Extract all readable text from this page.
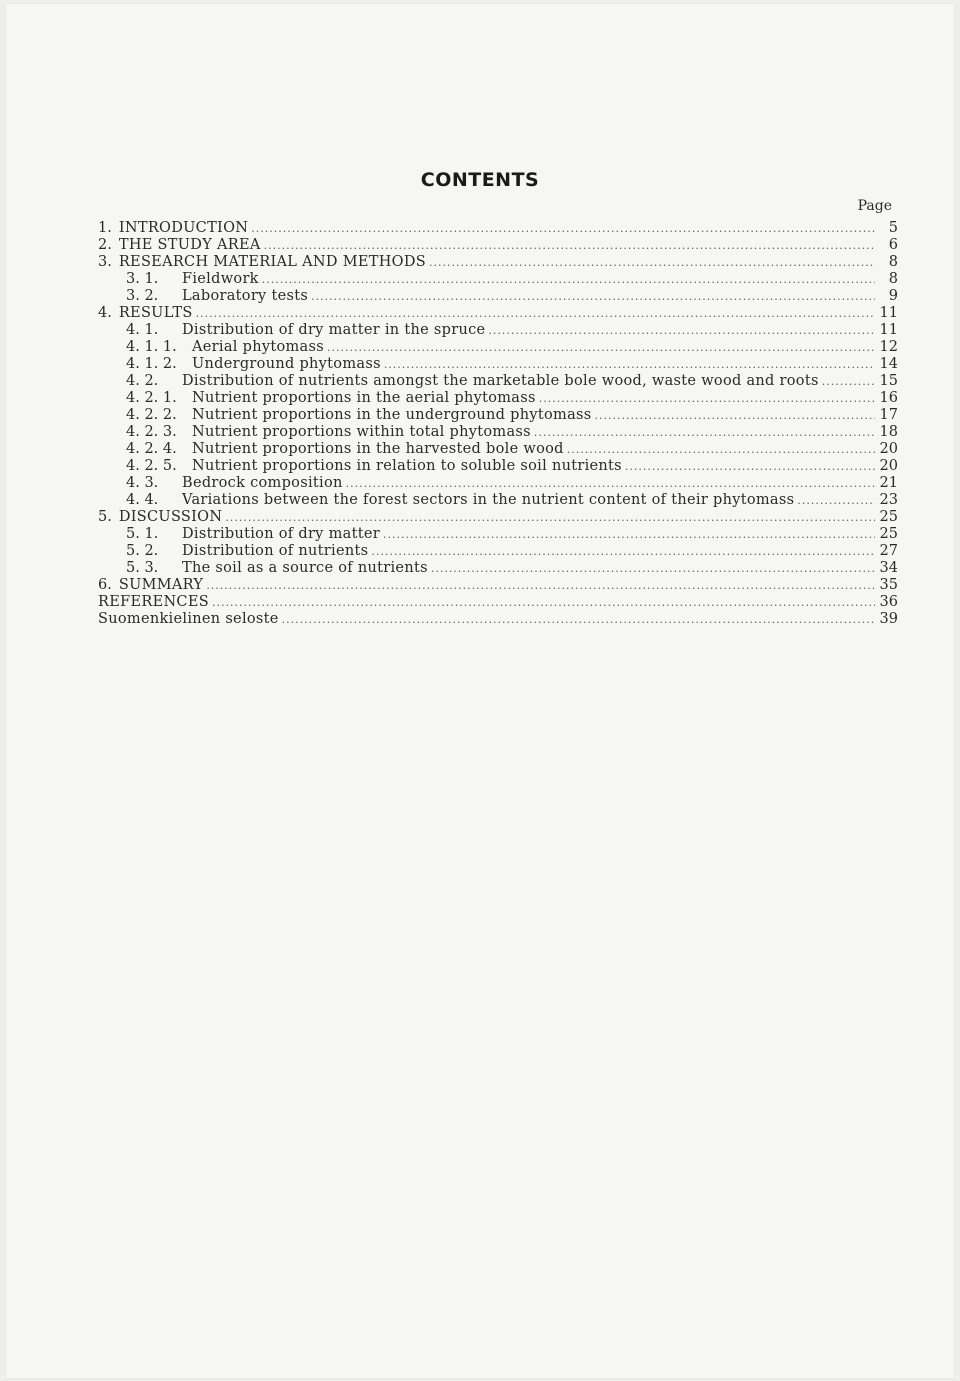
CONTENTS
Page
1. INTRODUCTION .....	5
2. THE STUDY AREA .....	6
3. RESEARCH MATERIAL AND METHODS .....	8
3. 1.	Fieldwork .....	8
3. 2.	Laboratory tests .....	9
4. RESULTS .....	11
4. 1.	Distribution of dry matter in the spruce .....	11
4. 1. 1.	Aerial phytomass .....	12
4. 1. 2.	Underground phytomass .....	14
4. 2.	Distribution of nutrients amongst the marketable bole wood, waste wood and roots .....	15
4. 2. 1.	Nutrient proportions in the aerial phytomass .....	16
4. 2. 2.	Nutrient proportions in the underground phytomass .....	17
4. 2. 3.	Nutrient proportions within total phytomass .....	18
4. 2. 4.	Nutrient proportions in the harvested bole wood .....	20
4. 2. 5.	Nutrient proportions in relation to soluble soil nutrients .....	20
4. 3.	Bedrock composition .....	21
4. 4.	Variations between the forest sectors in the nutrient content of their phytomass .....	23
5. DISCUSSION .....	25
5. 1.	Distribution of dry matter .....	25
5. 2.	Distribution of nutrients .....	27
5. 3.	The soil as a source of nutrients .....	34
6. SUMMARY .....	35
REFERENCES .....	36
Suomenkielinen seloste .....	39
